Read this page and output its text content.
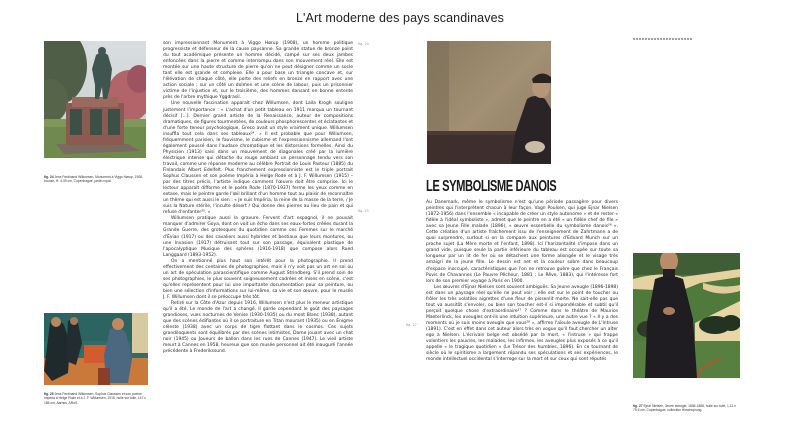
L'Art moderne des pays scandinaves
fig. 24 Jens Ferdinand Willumsen, Monument à Viggo Hørup, 1908, bronze, H. 4,49 cm, Copenhague, jardin royal.
fig. 25 Jens Ferdinand Willumsen, Sophus Claussen et son poème Imperia à Helge Rode et à J. F. Willumsen, 1915, huile sur toile, 147 x 185 cm, Aarhus, ARoS.

son impressionnant Monument à Viggo Hørup (1908), un homme politique progressiste et défenseur de la cause paysanne. Sa grande statue de bronze point du tout académique présente un homme décidé, campé sur ses deux jambes enfoncées dans la pierre et comme interrompu dans son mouvement réel. Elle est montée sur une haute structure de pierre qu'on ne peut désigner comme un socle tant elle est grande et complexe. Elle a pour base un triangle concave et, sur l'élévation de chaque côté, elle porte des reliefs en bronze en rapport avec une action sociale ; sur un côté un dolmen et une scène de labour, puis un prisonnier victime de l'injustice et, sur le troisième, des hommes dansant en bonne entente près de l'arbre mythique Yggdrasil.

Une nouvelle fascination apparaît chez Willumsen, dont Laila Krogh souligne justement l'importance : « L'achat d'un petit tableau en 1911 marqua un tournant décisif [...]. Dernier grand artiste de la Renaissance, auteur de compositions dramatiques, de figures tourmentées, de couleurs phosphorescentes et éclatantes et d'une forte teneur psychologique, Greco avait un style vraiment unique. Willumsen insuffla tout cela dans ses tableaux²⁴. » Il est probable que pour Willumsen, fréquemment parisien, le fauvisme, le cubisme et l'expressionnisme allemand l'ont également poussé dans l'audace chromatique et les distorsions formelles. Ainsi du Physicien (1913) saisi dans un mouvement de diagonales créé par la lumière électrique intense qui détache du rouge ambiant un personnage tendu vers son travail, comme une réponse moderne au célèbre Portrait de Louis Pasteur (1885) du Finlandais Albert Edelfelt. Plus franchement expressionniste est le triple portrait Sophus Claussen et son poème Impéria à Helge Rode et à J. F. Willumsen (1915) – par des titres précis, l'artiste indique comment l'œuvre doit être comprise. Ici le lecteur apparaît difforme et le poète Rode (1870-1937) ferme les yeux comme en extase, mais le peintre garde l'œil brillant d'un homme tout au plaisir de reconnaître un thème qui est aussi le sien : « Je suis Impéria, la reine de la masse de la terre, / Je suis la Nature stérile, l'inculte désert / Qui donne des pierres au lieu de pain et qui refuse d'enfanter²⁵. »

Willumsen pratique aussi la gravure. Fervent d'art espagnol, il ne pouvait manquer d'admirer Goya, dont on voit un écho dans ses eaux-fortes créées durant la Grande Guerre, des grotesques du quotidien comme ces Femmes sur le marché d'Évian (1917) ou des cavaliers aussi hybrides et bestiaux que leurs montures, ou une Invasion (1917) détruisant tout sur son passage, équivalent plastique de l'apocalyptique Musique des sphères (1916-1918) que compose alors Rued Langgaard (1893-1952).

On a mentionné plus haut son intérêt pour la photographie. Il prend effectivement des centaines de photographies, mais il n'y voit pas un art en soi ou un art de spéculation parascientifique comme August Strindberg. S'il prend soin de ses photographies, le plus souvent soigneusement cadrées et mises en scène, c'est qu'elles représentent pour lui une importante documentation pour sa peinture, ou bien une sélection d'informations sur lui-même, sa vie et son œuvre, pour le musée J. F. Willumsen dont il se préoccupe très tôt.

Retiré sur la Côte d'Azur depuis 1916, Willumsen n'est plus le meneur artistique qu'il a été. Le monde de l'art a changé. Il garde cependant le goût des paysages grandioses, vues nocturnes de Venise (1930-1935) ou du mont Blanc (1938), autant que des scènes édifiantes où il se portraiture en Titan mourant (1935) ou en Énigme céleste (1938) avec un corps de tigre flottant dans le cosmos. Ces sujets grandiloquents sont équilibrés par des scènes intimistes, Dame jouant avec un chat noir (1945) ou Joueurs de ballon dans les rues de Cannes (1947). Le vieil artiste meurt à Cannes en 1958, heureux que son musée personnel ait été inauguré l'année précédente à Frederikssund.

fig. 24
fig. 25
fig. 27
LE SYMBOLISME DANOIS

Au Danemark, même le symbolisme n'est qu'une période passagère pour divers peintres qui l'interprètent chacun à leur façon. Vagn Poulsen, qui juge Ejnar Nielsen (1872-1956) dans l'ensemble « incapable de créer un style autonome » et de rester « fidèle à l'idéal symboliste », admet que le peintre en a été « un fidèle chef de file » avec sa Jeune Fille malade (1896), « œuvre essentielle du symbolisme danois²⁶ ». Cette création d'un artiste fraîchement issu de l'enseignement de Zahrtmann a de quoi surprendre, surtout si on la compare aux peintures d'Edvard Munch sur un proche sujet (La Mère morte et l'enfant, 1898). Ici l'horizontalité s'impose dans un grand vide, puisque seule la partie inférieure du tableau est occupée sur toute sa longueur par un lit de fer où se détachent une forme allongée et le visage très amaigri de la jeune fille. Le dessin est net et la couleur sobre dans beaucoup d'espace inoccupé, caractéristiques que l'on ne retrouve guère que chez le Français Puvis de Chavannes (Le Pauvre Pêcheur, 1881 ; Le Rêve, 1883), qui l'intéresse fort lors de son premier voyage à Paris en 1900.

Les œuvres d'Ejnar Nielsen sont souvent ambiguës. Sa Jeune aveugle (1896-1898) est dans un paysage réel qu'elle ne peut voir ; elle est sur le point de toucher ou frôler les très volatiles aigrettes d'une fleur de pissenlit morte. Ne sait-elle pas que tout va aussitôt s'envoler, ou bien son toucher est-il si impondérable et subtil qu'il perçoit quelque chose d'extraordinaire²⁷ ? Comme dans le théâtre de Maurice Maeterlinck, les aveugles ont-ils une intuition supérieure, une autre vue ? « Il y a des moments où je suis moins aveugle que vous²⁸ », affirme l'aïeule aveugle de L'Intruse (1891). C'est en effet dans cet auteur alors très en vogue qu'il faut chercher un alter ego à Nielsen. L'écrivain belge est obsédé par la mort, « l'intruse » qui frappe volontiers les pauvres, les malades, les infirmes, les aveugles plus exposés à ce qu'il appelle « le tragique quotidien » (Le Trésor des humbles, 1896). En ce tournant de siècle où le spiritisme a largement répandu ses spéculations et ses expériences, le monde intellectuel occidental s'interroge sur la mort et sur ceux qui sont réputés

fig. 27 Ejnar Nielsen, Jeune aveugle, 1896-1898, huile sur toile, 1,11 x 79,5 cm, Copenhague, collection Hirschsprung.
